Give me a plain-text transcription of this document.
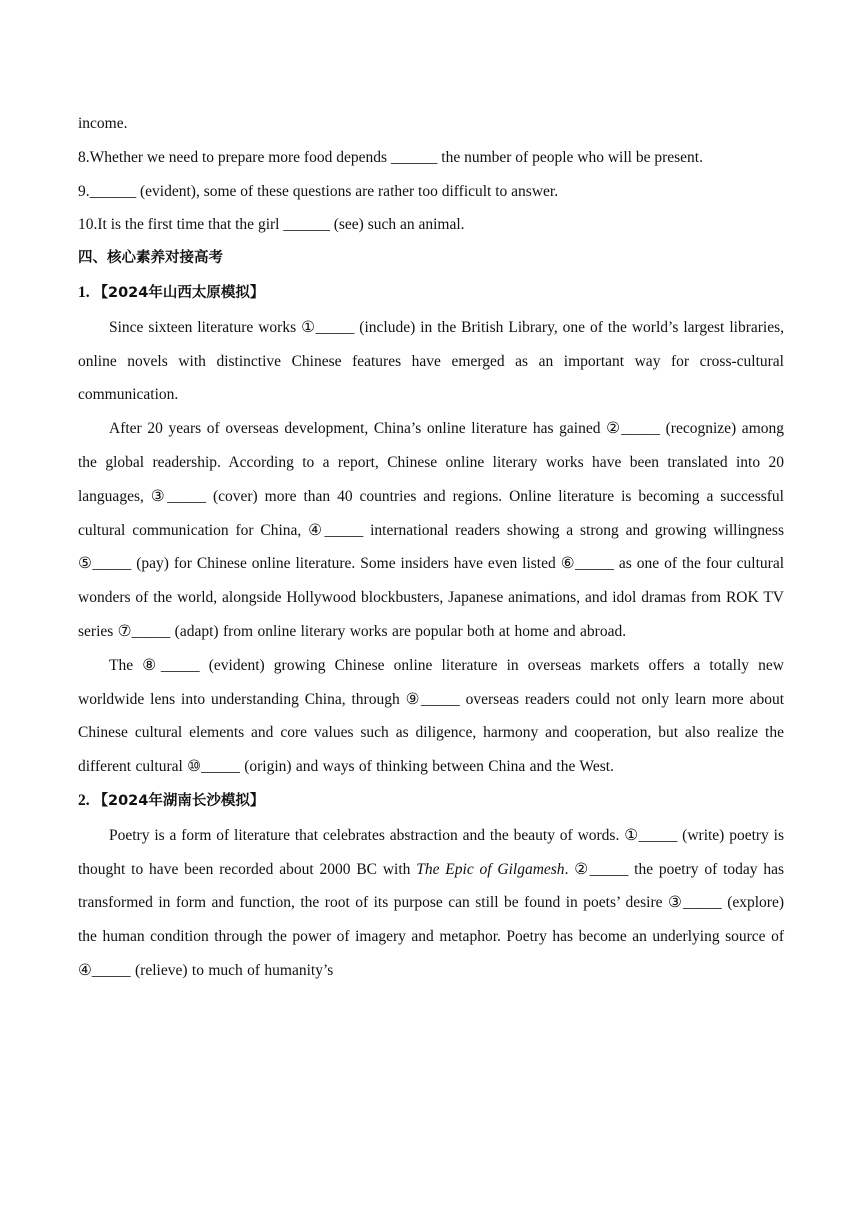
income.

8.Whether we need to prepare more food depends ______ the number of people who will be present.

9.______ (evident), some of these questions are rather too difficult to answer.

10.It is the first time that the girl ______ (see) such an animal.

四、核心素养对接高考

1. 【2024年山西太原模拟】

Since sixteen literature works ①_____ (include) in the British Library, one of the world’s largest libraries, online novels with distinctive Chinese features have emerged as an important way for cross-cultural communication.

After 20 years of overseas development, China’s online literature has gained ②_____ (recognize) among the global readership. According to a report, Chinese online literary works have been translated into 20 languages, ③_____ (cover) more than 40 countries and regions. Online literature is becoming a successful cultural communication for China, ④_____ international readers showing a strong and growing willingness ⑤_____ (pay) for Chinese online literature. Some insiders have even listed ⑥_____ as one of the four cultural wonders of the world, alongside Hollywood blockbusters, Japanese animations, and idol dramas from ROK TV series ⑦_____ (adapt) from online literary works are popular both at home and abroad.

The ⑧_____ (evident) growing Chinese online literature in overseas markets offers a totally new worldwide lens into understanding China, through ⑨_____ overseas readers could not only learn more about Chinese cultural elements and core values such as diligence, harmony and cooperation, but also realize the different cultural ⑩_____ (origin) and ways of thinking between China and the West.

2. 【2024年湖南长沙模拟】

Poetry is a form of literature that celebrates abstraction and the beauty of words. ①_____ (write) poetry is thought to have been recorded about 2000 BC with The Epic of Gilgamesh. ②_____ the poetry of today has transformed in form and function, the root of its purpose can still be found in poets’ desire ③_____ (explore) the human condition through the power of imagery and metaphor. Poetry has become an underlying source of ④_____ (relieve) to much of humanity’s
